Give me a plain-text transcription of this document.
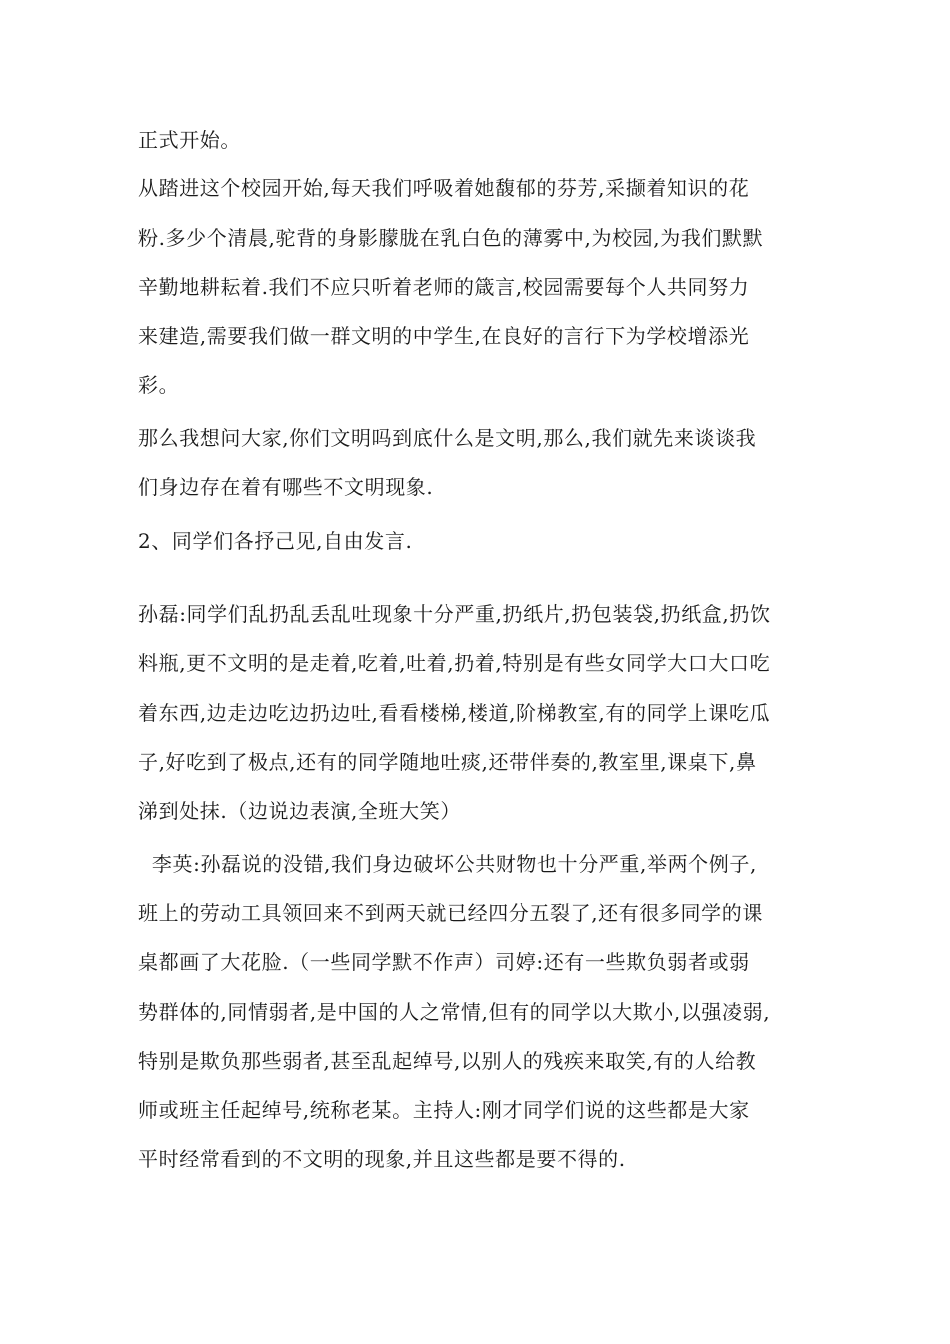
正式开始。
从踏进这个校园开始,每天我们呼吸着她馥郁的芬芳,采撷着知识的花
粉.多少个清晨,驼背的身影朦胧在乳白色的薄雾中,为校园,为我们默默
辛勤地耕耘着.我们不应只听着老师的箴言,校园需要每个人共同努力
来建造,需要我们做一群文明的中学生,在良好的言行下为学校增添光
彩。
那么我想问大家,你们文明吗到底什么是文明,那么,我们就先来谈谈我
们身边存在着有哪些不文明现象.
2、同学们各抒己见,自由发言.
孙磊:同学们乱扔乱丢乱吐现象十分严重,扔纸片,扔包装袋,扔纸盒,扔饮
料瓶,更不文明的是走着,吃着,吐着,扔着,特别是有些女同学大口大口吃
着东西,边走边吃边扔边吐,看看楼梯,楼道,阶梯教室,有的同学上课吃瓜
子,好吃到了极点,还有的同学随地吐痰,还带伴奏的,教室里,课桌下,鼻
涕到处抹.（边说边表演,全班大笑）
李英:孙磊说的没错,我们身边破坏公共财物也十分严重,举两个例子,
班上的劳动工具领回来不到两天就已经四分五裂了,还有很多同学的课
桌都画了大花脸.（一些同学默不作声）司婷:还有一些欺负弱者或弱
势群体的,同情弱者,是中国的人之常情,但有的同学以大欺小,以强凌弱,
特别是欺负那些弱者,甚至乱起绰号,以别人的残疾来取笑,有的人给教
师或班主任起绰号,统称老某。主持人:刚才同学们说的这些都是大家
平时经常看到的不文明的现象,并且这些都是要不得的.
